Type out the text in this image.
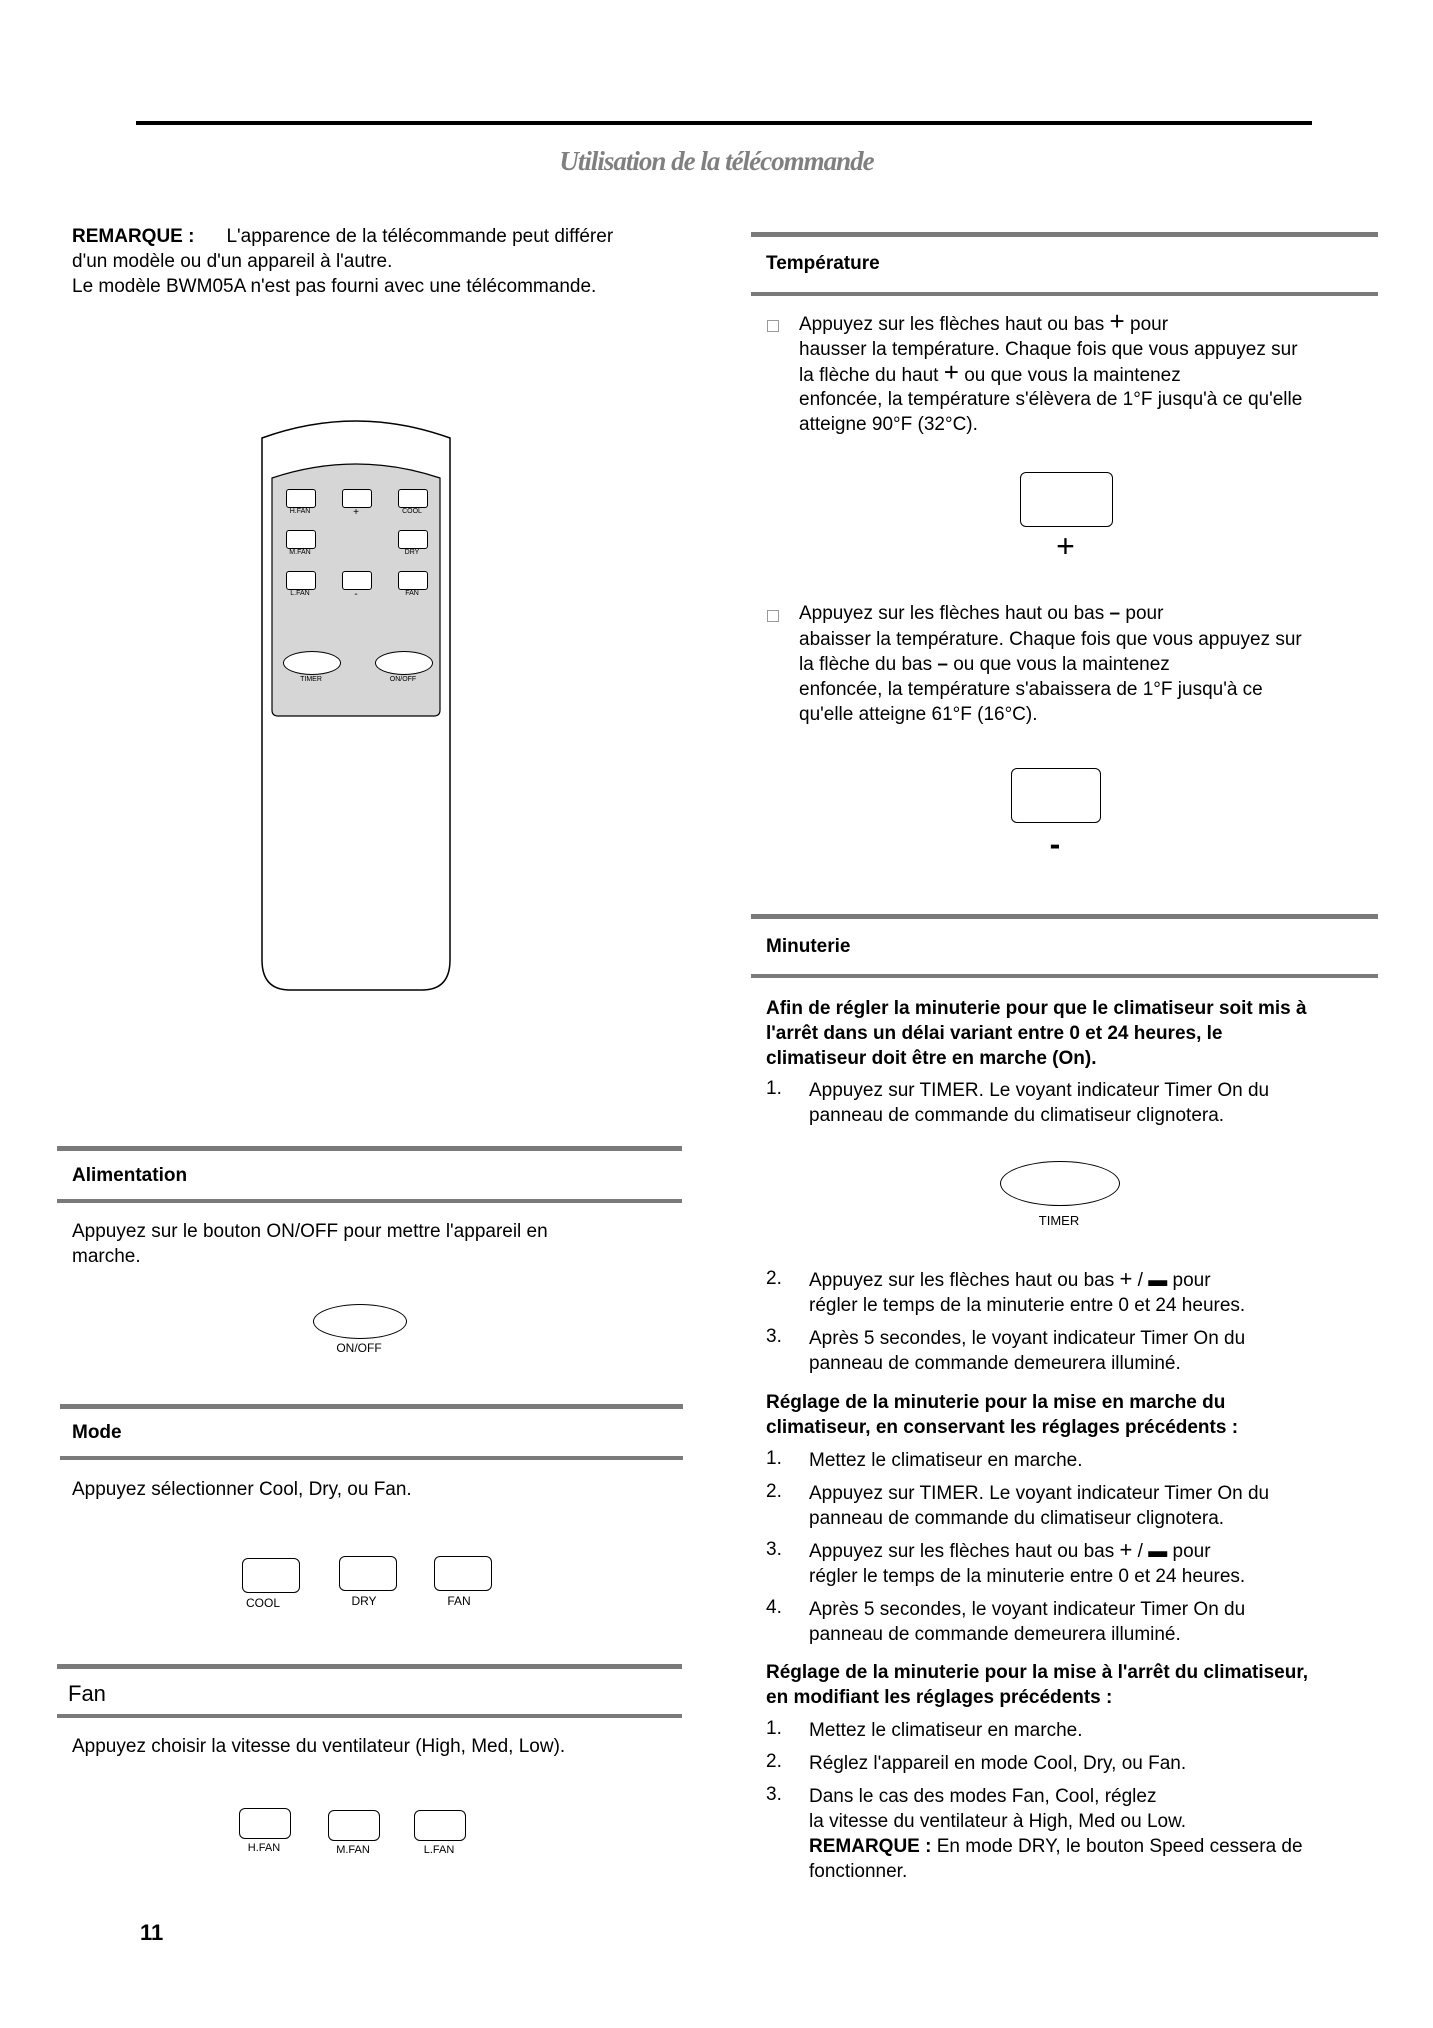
Utilisation de la télécommande
REMARQUE : L'apparence de la télécommande peut différer
d'un modèle ou d'un appareil à l'autre.
Le modèle BWM05A n'est pas fourni avec une télécommande.
H.FAN	+	COOL
M.FAN	DRY
L.FAN	-	FAN
TIMER	ON/OFF
Alimentation
Appuyez sur le bouton ON/OFF pour mettre l'appareil en
marche.
ON/OFF
Mode
Appuyez sélectionner Cool, Dry, ou Fan.
COOL	DRY	FAN
Fan
Appuyez choisir la vitesse du ventilateur (High, Med, Low).
H.FAN	M.FAN	L.FAN
11
Température
Appuyez sur les flèches haut ou bas + pour
hausser la température. Chaque fois que vous appuyez sur
la flèche du haut + ou que vous la maintenez
enfoncée, la température s'élèvera de 1°F jusqu'à ce qu'elle
atteigne 90°F (32°C).
+
Appuyez sur les flèches haut ou bas – pour
abaisser la température. Chaque fois que vous appuyez sur
la flèche du bas – ou que vous la maintenez
enfoncée, la température s'abaissera de 1°F jusqu'à ce
qu'elle atteigne 61°F (16°C).
-
Minuterie
Afin de régler la minuterie pour que le climatiseur soit mis à
l'arrêt dans un délai variant entre 0 et 24 heures, le
climatiseur doit être en marche (On).
1. Appuyez sur TIMER. Le voyant indicateur Timer On du
panneau de commande du climatiseur clignotera.
TIMER
2. Appuyez sur les flèches haut ou bas + / ▬ pour
régler le temps de la minuterie entre 0 et 24 heures.
3. Après 5 secondes, le voyant indicateur Timer On du
panneau de commande demeurera illuminé.
Réglage de la minuterie pour la mise en marche du
climatiseur, en conservant les réglages précédents :
1. Mettez le climatiseur en marche.
2. Appuyez sur TIMER. Le voyant indicateur Timer On du
panneau de commande du climatiseur clignotera.
3. Appuyez sur les flèches haut ou bas + / ▬ pour
régler le temps de la minuterie entre 0 et 24 heures.
4. Après 5 secondes, le voyant indicateur Timer On du
panneau de commande demeurera illuminé.
Réglage de la minuterie pour la mise à l'arrêt du climatiseur,
en modifiant les réglages précédents :
1. Mettez le climatiseur en marche.
2. Réglez l'appareil en mode Cool, Dry, ou Fan.
3. Dans le cas des modes Fan, Cool, réglez
la vitesse du ventilateur à High, Med ou Low.
REMARQUE : En mode DRY, le bouton Speed cessera de
fonctionner.
